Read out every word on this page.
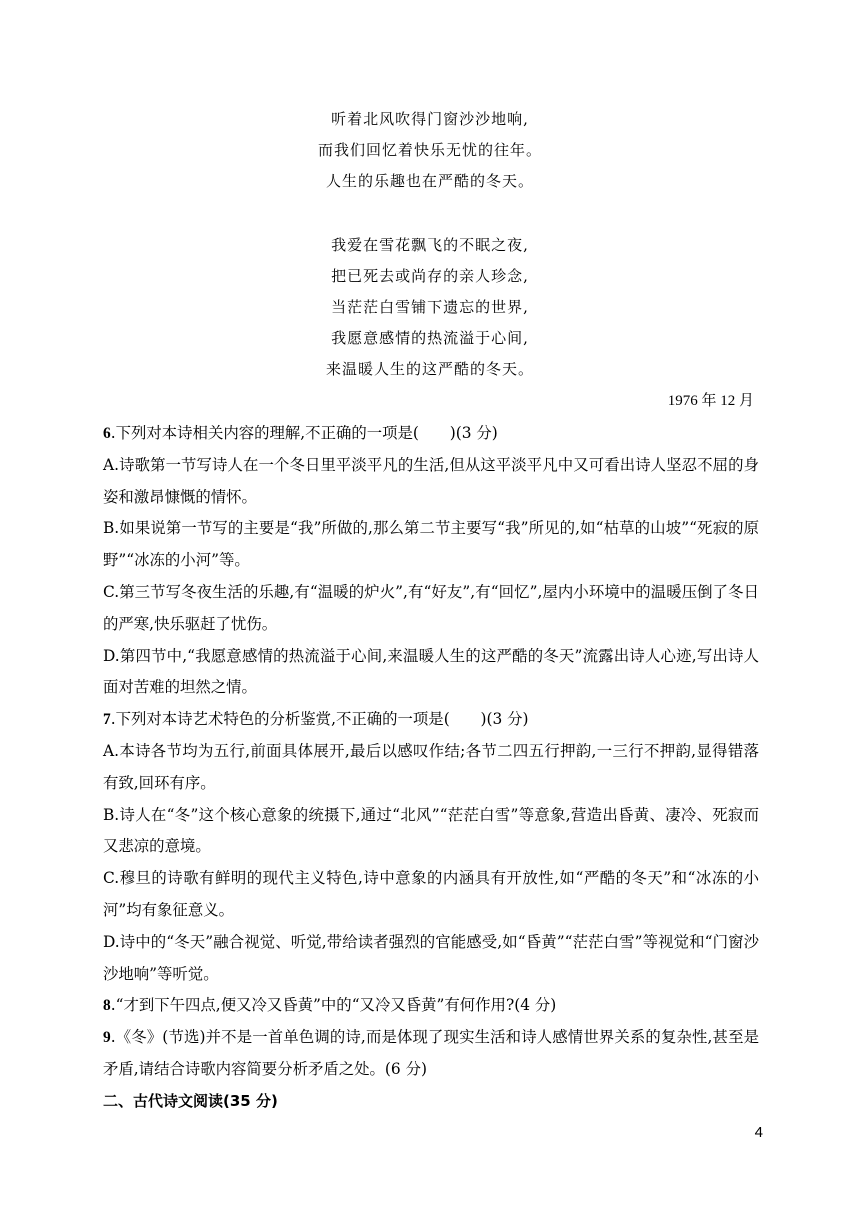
听着北风吹得门窗沙沙地响,
而我们回忆着快乐无忧的往年。
人生的乐趣也在严酷的冬天。
我爱在雪花飘飞的不眠之夜,
把已死去或尚存的亲人珍念,
当茫茫白雪铺下遗忘的世界,
我愿意感情的热流溢于心间,
来温暖人生的这严酷的冬天。
1976 年 12 月

6.下列对本诗相关内容的理解,不正确的一项是(　　)(3 分)

A.诗歌第一节写诗人在一个冬日里平淡平凡的生活,但从这平淡平凡中又可看出诗人坚忍不屈的身姿和激昂慷慨的情怀。

B.如果说第一节写的主要是“我”所做的,那么第二节主要写“我”所见的,如“枯草的山坡”“死寂的原野”“冰冻的小河”等。

C.第三节写冬夜生活的乐趣,有“温暖的炉火”,有“好友”,有“回忆”,屋内小环境中的温暖压倒了冬日的严寒,快乐驱赶了忧伤。

D.第四节中,“我愿意感情的热流溢于心间,来温暖人生的这严酷的冬天”流露出诗人心迹,写出诗人面对苦难的坦然之情。

7.下列对本诗艺术特色的分析鉴赏,不正确的一项是(　　)(3 分)

A.本诗各节均为五行,前面具体展开,最后以感叹作结;各节二四五行押韵,一三行不押韵,显得错落有致,回环有序。

B.诗人在“冬”这个核心意象的统摄下,通过“北风”“茫茫白雪”等意象,营造出昏黄、凄冷、死寂而又悲凉的意境。

C.穆旦的诗歌有鲜明的现代主义特色,诗中意象的内涵具有开放性,如“严酷的冬天”和“冰冻的小河”均有象征意义。

D.诗中的“冬天”融合视觉、听觉,带给读者强烈的官能感受,如“昏黄”“茫茫白雪”等视觉和“门窗沙沙地响”等听觉。

8.“才到下午四点,便又冷又昏黄”中的“又冷又昏黄”有何作用?(4 分)

9.《冬》(节选)并不是一首单色调的诗,而是体现了现实生活和诗人感情世界关系的复杂性,甚至是矛盾,请结合诗歌内容简要分析矛盾之处。(6 分)

二、古代诗文阅读(35 分)

4
